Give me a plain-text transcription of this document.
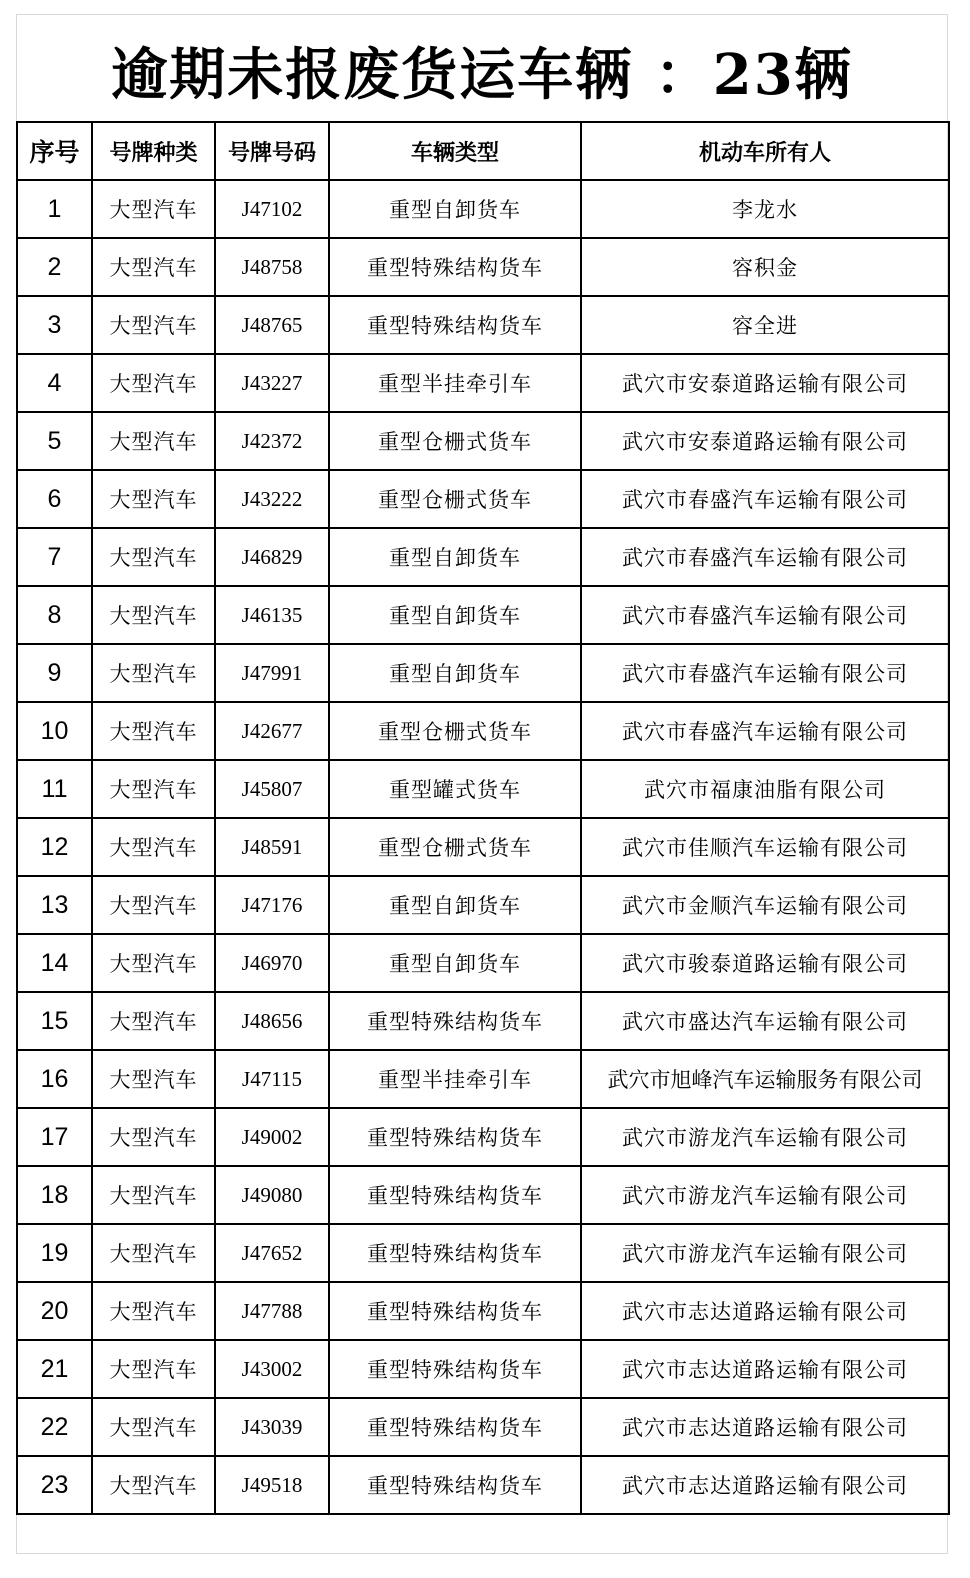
逾期未报废货运车辆 ：23辆
序号	号牌种类	号牌号码	车辆类型	机动车所有人
1	大型汽车	J47102	重型自卸货车	李龙水
2	大型汽车	J48758	重型特殊结构货车	容积金
3	大型汽车	J48765	重型特殊结构货车	容全进
4	大型汽车	J43227	重型半挂牵引车	武穴市安泰道路运输有限公司
5	大型汽车	J42372	重型仓栅式货车	武穴市安泰道路运输有限公司
6	大型汽车	J43222	重型仓栅式货车	武穴市春盛汽车运输有限公司
7	大型汽车	J46829	重型自卸货车	武穴市春盛汽车运输有限公司
8	大型汽车	J46135	重型自卸货车	武穴市春盛汽车运输有限公司
9	大型汽车	J47991	重型自卸货车	武穴市春盛汽车运输有限公司
10	大型汽车	J42677	重型仓栅式货车	武穴市春盛汽车运输有限公司
11	大型汽车	J45807	重型罐式货车	武穴市福康油脂有限公司
12	大型汽车	J48591	重型仓栅式货车	武穴市佳顺汽车运输有限公司
13	大型汽车	J47176	重型自卸货车	武穴市金顺汽车运输有限公司
14	大型汽车	J46970	重型自卸货车	武穴市骏泰道路运输有限公司
15	大型汽车	J48656	重型特殊结构货车	武穴市盛达汽车运输有限公司
16	大型汽车	J47115	重型半挂牵引车	武穴市旭峰汽车运输服务有限公司
17	大型汽车	J49002	重型特殊结构货车	武穴市游龙汽车运输有限公司
18	大型汽车	J49080	重型特殊结构货车	武穴市游龙汽车运输有限公司
19	大型汽车	J47652	重型特殊结构货车	武穴市游龙汽车运输有限公司
20	大型汽车	J47788	重型特殊结构货车	武穴市志达道路运输有限公司
21	大型汽车	J43002	重型特殊结构货车	武穴市志达道路运输有限公司
22	大型汽车	J43039	重型特殊结构货车	武穴市志达道路运输有限公司
23	大型汽车	J49518	重型特殊结构货车	武穴市志达道路运输有限公司
